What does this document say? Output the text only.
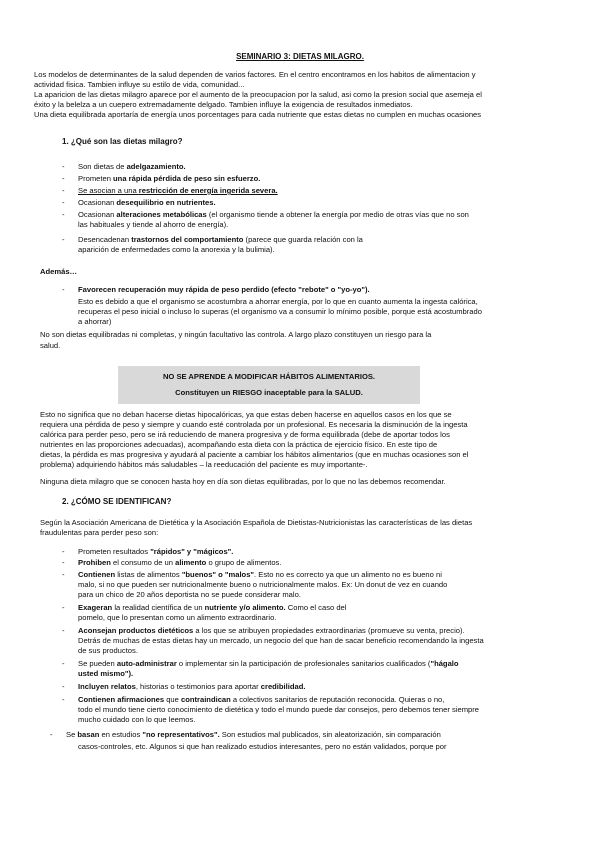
SEMINARIO 3: DIETAS MILAGRO.
Los modelos de determinantes de la salud dependen de varios factores. En el centro encontramos en los habitos de alimentacion y
actividad fisica. Tambien influye su estilo de vida, comunidad...
La aparicion de las dietas milagro aparece por el aumento de la preocupacion por la salud, asi como la presion social que asemeja el
éxito y la belelza a un cuepero extremadamente delgado. Tambien influye la exigencia de resultados inmediatos.
Una dieta equilibrada aportaría de energía unos porcentages para cada nutriente que estas dietas no cumplen en muchas ocasiones
1. ¿Qué son las dietas milagro?
- Son dietas de adelgazamiento.
- Prometen una rápida pérdida de peso sin esfuerzo.
- Se asocian a una restricción de energía ingerida severa.
- Ocasionan desequilibrio en nutrientes.
- Ocasionan alteraciones metabólicas (el organismo tiende a obtener la energía por medio de otras vías que no son
las habituales y tiende al ahorro de energía).
- Desencadenan trastornos del comportamiento (parece que guarda relación con la
aparición de enfermedades como la anorexia y la bulimia).
Además…
- Favorecen recuperación muy rápida de peso perdido (efecto "rebote" o "yo-yo").
Esto es debido a que el organismo se acostumbra a ahorrar energía, por lo que en cuanto aumenta la ingesta calórica,
recuperas el peso inicial o incluso lo superas (el organismo va a consumir lo mínimo posible, porque está acostumbrado
a ahorrar)
No son dietas equilibradas ni completas, y ningún facultativo las controla. A largo plazo constituyen un riesgo para la
salud.
NO SE APRENDE A MODIFICAR HÁBITOS ALIMENTARIOS.
Constituyen un RIESGO inaceptable para la SALUD.
Esto no significa que no deban hacerse dietas hipocalóricas, ya que estas deben hacerse en aquellos casos en los que se
requiera una pérdida de peso y siempre y cuando esté controlada por un profesional. Es necesaria la disminución de la ingesta
calórica para perder peso, pero se irá reduciendo de manera progresiva y de forma equilibrada (debe de aportar todos los
nutrientes en las proporciones adecuadas), acompañando esta dieta con la práctica de ejercicio físico. En este tipo de
dietas, la pérdida es mas progresiva y ayudará al paciente a cambiar los hábitos alimentarios (que en muchas ocasiones son el
problema) adquiriendo hábitos más saludables – la reeducación del paciente es muy importante-.
Ninguna dieta milagro que se conocen hasta hoy en día son dietas equilibradas, por lo que no las debemos recomendar.
2. ¿CÓMO SE IDENTIFICAN?
Según la Asociación Americana de Dietética y la Asociación Española de Dietistas-Nutricionistas las características de las dietas
fraudulentas para perder peso son:
- Prometen resultados "rápidos" y "mágicos".
- Prohiben el consumo de un alimento o grupo de alimentos.
- Contienen listas de alimentos "buenos" o "malos". Esto no es correcto ya que un alimento no es bueno ni
malo, si no que pueden ser nutricionalmente bueno o nutricionalmente malos. Ex: Un donut de vez en cuando
para un chico de 20 años deportista no se puede considerar malo.
- Exageran la realidad científica de un nutriente y/o alimento. Como el caso del
pomelo, que lo presentan como un alimento extraordinario.
- Aconsejan productos dietéticos a los que se atribuyen propiedades extraordinarias (promueve su venta, precio).
Detrás de muchas de estas dietas hay un mercado, un negocio del que han de sacar beneficio recomendando la ingesta
de sus productos.
- Se pueden auto-administrar o implementar sin la participación de profesionales sanitarios cualificados ("hágalo
usted mismo").
- Incluyen relatos, historias o testimonios para aportar credibilidad.
- Contienen afirmaciones que contraindican a colectivos sanitarios de reputación reconocida. Quieras o no,
todo el mundo tiene cierto conocimiento de dietética y todo el mundo puede dar consejos, pero debemos tener siempre
mucho cuidado con lo que leemos.
- Se basan en estudios "no representativos". Son estudios mal publicados, sin aleatorización, sin comparación
casos-controles, etc. Algunos si que han realizado estudios interesantes, pero no están validados, porque por
